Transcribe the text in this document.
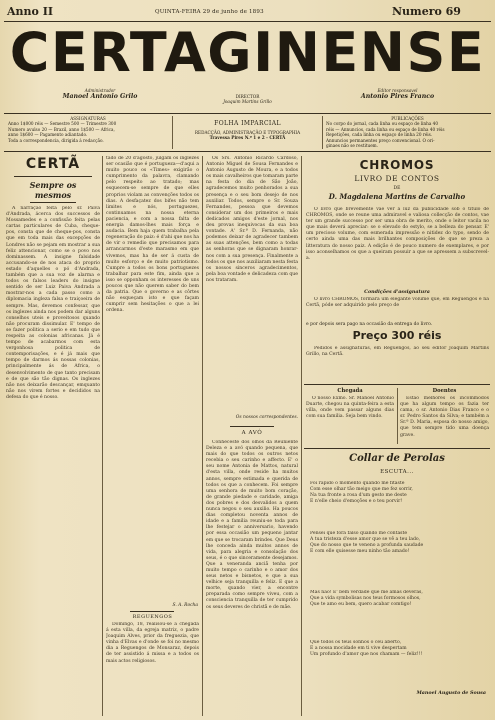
Anno II	QUINTA-FEIRA 29 de junho de 1893	Numero 69
CERTAGINENSE
Administrador
Manoel Antonio Grilo	DIRECTOR
Joaquim Martins Grillo
Editor responsavel
Antonio Pires Franco
ASSIGNATURAS
Anno 1$000 réis — Semestre 500 — Trimestre 300
Numero avulso 20 — Brazil, anno 1$500 — Africa,
anno 1$600 — Pagamento adiantado.
Toda a correspondencia, dirigida á redacção.
FOLHA IMPARCIAL
REDACÇÃO, ADMINISTRAÇÃO E TYPOGRAPHIA
Travessa Pires N.º 1 e 2 - CERTÃ
PUBLICAÇÕES
No corpo do jornal, cada linha ou espaço de linha 40
réis — Annuncios, cada linha ou espaço de linha 40 réis
Repetições, cada linha ou espaço de linha 20 réis.
Annuncios permanentes preço convencional. O ori-
ginaes não se restituem.
CERTÃ
Sempre os mesmos
A narração feita pelo sr. Paiva d'Andrada, ácerca dos successos de Mossamedes e a confissão feita pelas cartas particulares de Cuba, cheque-pos, consta que de cheque-pos, consta que em toda mais das excepções de Londres não se pejam em mostrar a sua feliz attencionar, como se o povo nos dominassem. A insigne falsidade accusando-se de nos ataca do proprio estado d'aquelles o pó d'Andrada, também que a sua voz de alarma e todos os falsos leaders do insigne sentido de ser Luiz Paiva Andrada a mostrar-nos a cada passo como a diplomacia ingleza falsa e traiçoeira de sempre. Mas, devemos confessar, que os inglezes ainda nos podem dar alguns conselhos uteis e proveitosos quando não procuram dissimular. E' tempo de se fazer politica a serio e em tudo que respeita as colonias africanas. Já é tempo de acabarmos com esta vergonhosa politica de contemporisações, e é já mais que tempo de darmos ás nossas colonias, principalmente ás de Africa, o desenvolvimento de que tanto precisam e de que são tão dignas. Os inglezes não nos deixarão descançar, emquanto não nos virem fortes e decididos na defesa do que é nosso.
tado de 20 d'agosto, julgam os inglezes ser ocasião que é portugueza—d'aqui a muito pouco os «Times» exigirão o cumprimento da palavra, clamando pelo respeito ao tratado; mas esquecem-se sempre de que elles proprios violam as convenções todos os dias. A desfaçatez dos bifes não tem limites e nós, portuguezes, continuamos na nossa eterna paciencia, e com a nossa falta de energia damos-lhes mais força e audacia. Bem haja quem trabalha pela regeneração do paiz: é d'ahi que nos ha de vir o remedio que precisamos para arrancarmos d'este marasmo em que vivemos, mas ha de ser á custa de muito esforço e de muito patriotismo. Cumpre a todos os bons portuguezes trabalhar para este fim, ainda que a isso se opponham os interesses de uns poucos que não querem saber do bem da patria. Que o governo e as côrtes não esqueçam isto e que façam cumprir sem hesitações o que a lei ordena.
S. A. Rocha
REGUENGOS
Domingo, 18, realisou-se a chegada á esta villa, da egreja matriz, o padre Joaquim Alves, prior da freguezia, que vinha d'Elvas e d'onde se foi no mesmo dia a Reguengos de Monsaraz, depois de ter assistido á missa e a todos os mais actos religiosos.
Os Srs. Antonio Ricardo Cardoso, Antonio Miguel de Sousa Fernandes e Antonio Augusto de Moura, e a todos os mais cavalheiros que tomaram parte na festa do dia de São João, agradecemos muito penhorados a sua presença e o seu bom desejo de nos auxiliar. Todos, sempre o Sr. Souza Fernandes, pessoa que devemos considerar um dos primeiros e mais dedicados amigos d'este jornal, nos deu provas inequivocas da sua boa vontade. A' Sr.ª D. Fernanda, não podemos deixar de agradecer tambem as suas attenções, bem como a todas as senhoras que se dignaram honrar-nos com a sua presença. Finalmente a todos os que nos auxiliaram nesta festa os nossos sinceros agradecimentos, pela boa vontade e delicadeza com que nos trataram.
Os nossos correspondentes.
A AVÓ
Conheceste dos olhos da Reuniente Deleza e a avó quando pequena, que mais do que todos os outros netos recebia o seu carinho e affecto. E' o seu nome Antonia de Mattos, natural d'esta villa, onde reside ha muitos annos, sempre estimada e querida de todos os que a conhecem. Foi sempre uma senhora de muito bom coração, de grande piedade e caridade, amiga dos pobres e dos desvalidos a quem nunca negou o seu auxilio. Ha poucos dias completou noventa annos de idade e a familia reuniu-se toda para lhe festejar o anniversario, havendo por essa occasião um pequeno jantar em que se trocaram brindes. Que Deus lhe conceda ainda muitos annos de vida, para alegria e consolação dos seus, é o que sinceramente desejamos. Que a veneranda anciã tenha por muito tempo o carinho e o amor dos seus netos e bisnetos, e que a sua velhice seja tranquilla e feliz. E que a morte, quando vier, a encontre preparada como sempre viveu, com a consciencia tranquilla de ter cumprido os seus deveres de christã e de mãe.
CHROMOS
LIVRO DE CONTOS
DE
D. Magdalena Martins de Carvalho
O livro que brevemente vae ver a luz da publicidade sob o titulo de CHROMOS, onde se reune uma admiravel e valiosa collecção de contos, vae ter um grande successo por ser uma obra de merito, onde o leitor vacila no que mais deverá apreciar: se o elevado do estylo, se a belleza do pensar. E' um precioso volume, com esmerada impressão e nitidez do typo, sendo de certo ainda uma das mais brilhantes composições de que se preza a litteratura do nosso paiz. A edição é de pouco numero de exemplares, e por isso aconselhamos os que a queiram possuir a que se apressem a subscrevel-a.
Condições d'assignatura
O livro CHROMOS, formará um elegante volume que, em Reguengos e na Certã, póde ser adquirido pelo preço de
e por depois sera pago na occasião da entrega do livro.
Preço 300 réis
Pedidos e assignaturas, em Reguengos, ao seu editor Joaquim Martins Grillo, na Certã.
Chegada
O nosso Exmo. Sr. Manoel Antonio Duarte, chegou na quinta-feira a esta villa, onde vem passar alguns dias com sua familia. Seja bem vindo.
Doentes
Estão melhores os incommodos que ha algum tempo os fazia ter cama, o sr. Antonio Dias Franco e o sr. Pedro Santos da Silva; e também a Sr.ª D. Maria, esposa do nosso amigo, que tem sempre tido uma doença grave.
Collar de Perolas
ESCUTA...
Foi rapido o momento quando me fitaste
Com esse olhar tão meigo que me fez sorrir,
Na tua fronte a rosa d'um gesto me deste
E n'elle cheio d'emoções e o teu porvir!
Pensei que fora falso quando me contaste
A tua tristeza d'esse amor que se vê a teu lado,
Que do nosso que te veneno a profunda saudade
E com elle quisesse meu ninho tão amado!
Mas não! E' bem verdade que me amas deveras,
Que a vida symbolisas nos teus formosos olhos,
Que te amo eu bem, quero acabar comtigo!
Que todos os teus sonhos o céu aberto,
E a nossa mocidade em ti vive despertam
Um profundo d'amor que nos chamam — feliz!!!
Manoel Augusto de Sousa
